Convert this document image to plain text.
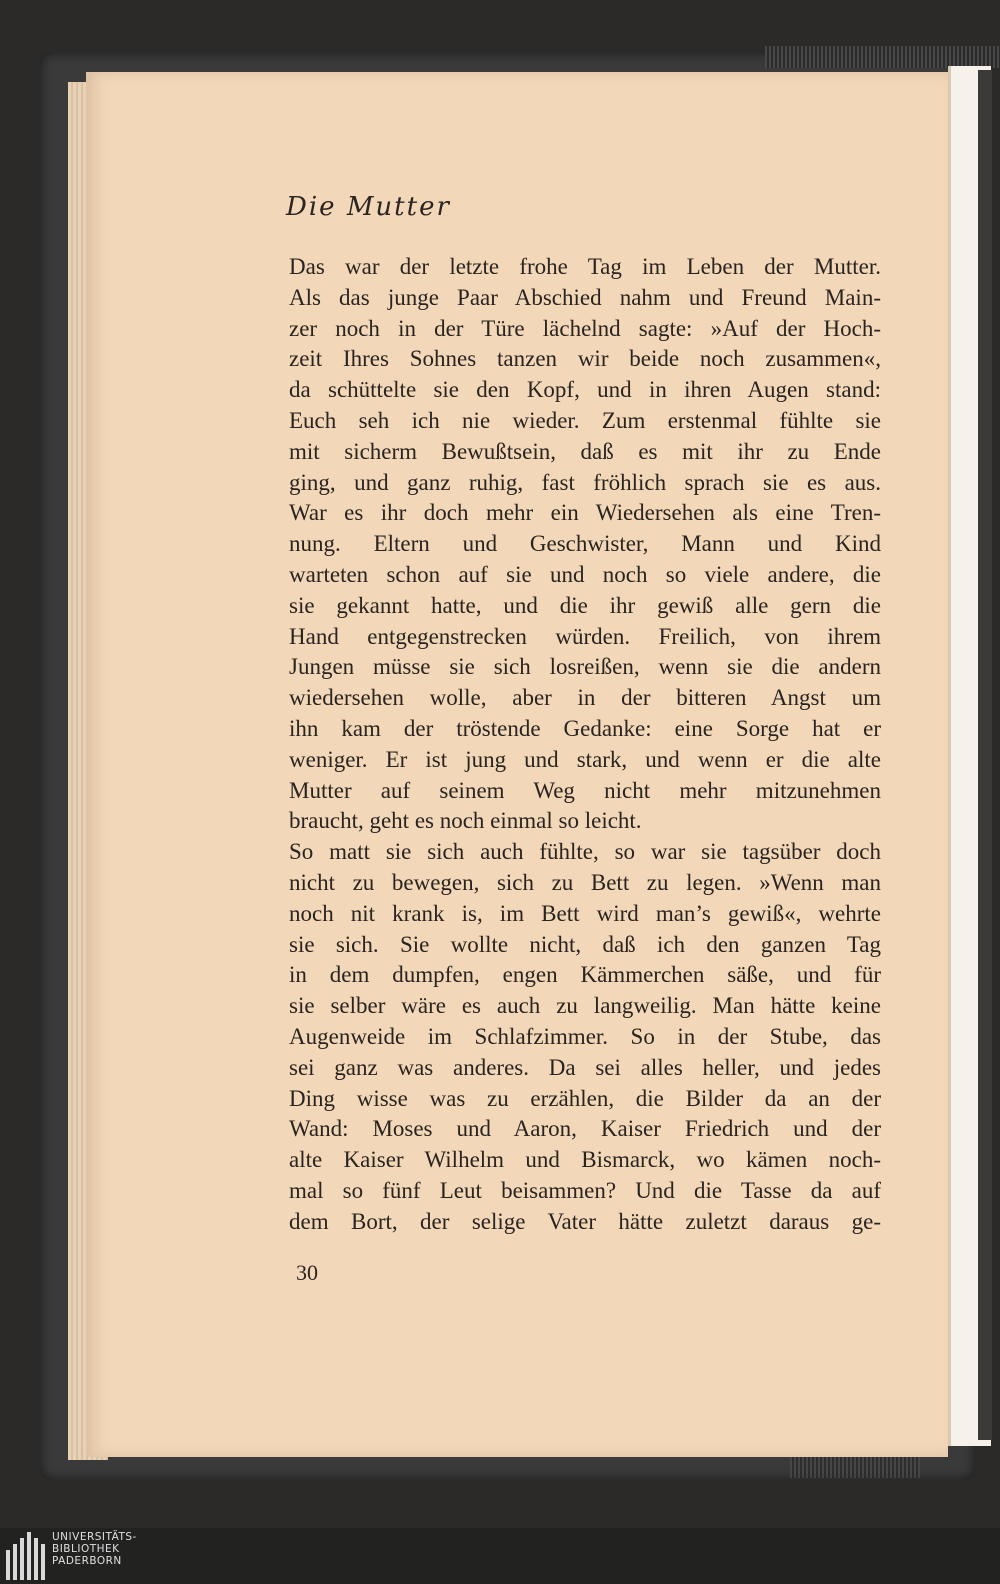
Die Mutter
Das war der letzte frohe Tag im Leben der Mutter.
Als das junge Paar Abschied nahm und Freund Main-
zer noch in der Türe lächelnd sagte: »Auf der Hoch-
zeit Ihres Sohnes tanzen wir beide noch zusammen«,
da schüttelte sie den Kopf, und in ihren Augen stand:
Euch seh ich nie wieder. Zum erstenmal fühlte sie
mit sicherm Bewußtsein, daß es mit ihr zu Ende
ging, und ganz ruhig, fast fröhlich sprach sie es aus.
War es ihr doch mehr ein Wiedersehen als eine Tren-
nung. Eltern und Geschwister, Mann und Kind
warteten schon auf sie und noch so viele andere, die
sie gekannt hatte, und die ihr gewiß alle gern die
Hand entgegenstrecken würden. Freilich, von ihrem
Jungen müsse sie sich losreißen, wenn sie die andern
wiedersehen wolle, aber in der bitteren Angst um
ihn kam der tröstende Gedanke: eine Sorge hat er
weniger. Er ist jung und stark, und wenn er die alte
Mutter auf seinem Weg nicht mehr mitzunehmen
braucht, geht es noch einmal so leicht.
So matt sie sich auch fühlte, so war sie tagsüber doch
nicht zu bewegen, sich zu Bett zu legen. »Wenn man
noch nit krank is, im Bett wird man’s gewiß«, wehrte
sie sich. Sie wollte nicht, daß ich den ganzen Tag
in dem dumpfen, engen Kämmerchen säße, und für
sie selber wäre es auch zu langweilig. Man hätte keine
Augenweide im Schlafzimmer. So in der Stube, das
sei ganz was anderes. Da sei alles heller, und jedes
Ding wisse was zu erzählen, die Bilder da an der
Wand: Moses und Aaron, Kaiser Friedrich und der
alte Kaiser Wilhelm und Bismarck, wo kämen noch-
mal so fünf Leut beisammen? Und die Tasse da auf
dem Bort, der selige Vater hätte zuletzt daraus ge-
30
UNIVERSITÄTS-
BIBLIOTHEK
PADERBORN
